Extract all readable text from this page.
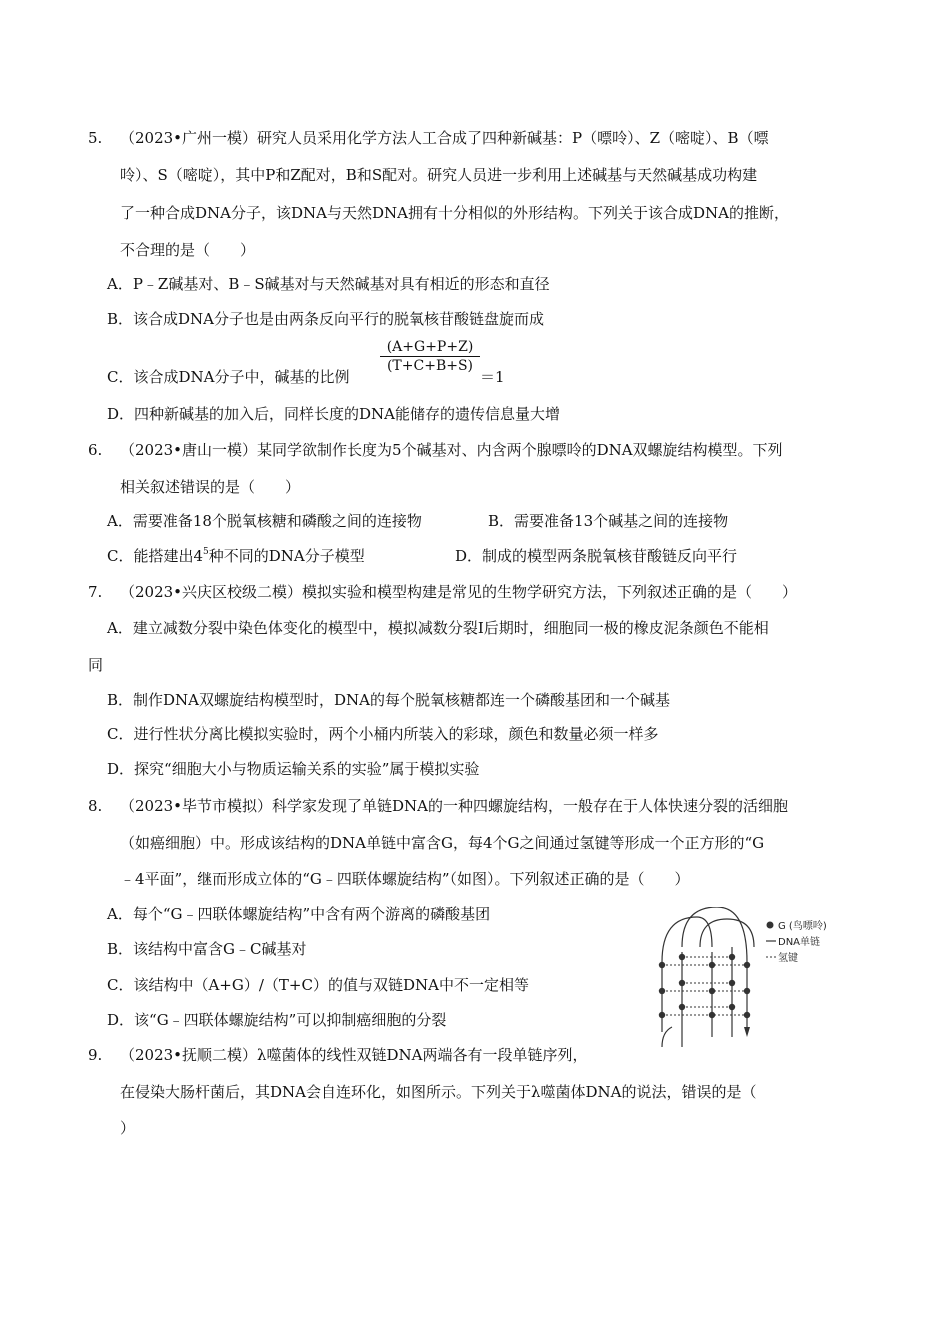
5. （2023•广州一模）研究人员采用化学方法人工合成了四种新碱基：P（嘌呤）、Z（嘧啶）、B（嘌
呤）、S（嘧啶），其中P和Z配对，B和S配对。研究人员进一步利用上述碱基与天然碱基成功构建
了一种合成DNA分子，该DNA与天然DNA拥有十分相似的外形结构。下列关于该合成DNA的推断，
不合理的是（　　）
A．P﹣Z碱基对、B﹣S碱基对与天然碱基对具有相近的形态和直径
B．该合成DNA分子也是由两条反向平行的脱氧核苷酸链盘旋而成
C．该合成DNA分子中，碱基的比例
(A+G+P+Z)
(T+C+B+S)
＝1
D．四种新碱基的加入后，同样长度的DNA能储存的遗传信息量大增
6. （2023•唐山一模）某同学欲制作长度为5个碱基对、内含两个腺嘌呤的DNA双螺旋结构模型。下列
相关叙述错误的是（　　）
A．需要准备18个脱氧核糖和磷酸之间的连接物	B．需要准备13个碱基之间的连接物
C．能搭建出$4^5$种不同的DNA分子模型	D．制成的模型两条脱氧核苷酸链反向平行
7. （2023•兴庆区校级二模）模拟实验和模型构建是常见的生物学研究方法，下列叙述正确的是（　　）
A．建立减数分裂中染色体变化的模型中，模拟减数分裂Ⅰ后期时，细胞同一极的橡皮泥条颜色不能相
同
B．制作DNA双螺旋结构模型时，DNA的每个脱氧核糖都连一个磷酸基团和一个碱基
C．进行性状分离比模拟实验时，两个小桶内所装入的彩球，颜色和数量必须一样多
D．探究“细胞大小与物质运输关系的实验”属于模拟实验
8. （2023•毕节市模拟）科学家发现了单链DNA的一种四螺旋结构，一般存在于人体快速分裂的活细胞
（如癌细胞）中。形成该结构的DNA单链中富含G，每4个G之间通过氢键等形成一个正方形的“G
﹣4平面”，继而形成立体的“G﹣四联体螺旋结构”（如图）。下列叙述正确的是（　　）
A．每个“G﹣四联体螺旋结构”中含有两个游离的磷酸基团
B．该结构中富含G﹣C碱基对
C．该结构中（A+G）/（T+C）的值与双链DNA中不一定相等
D．该“G﹣四联体螺旋结构”可以抑制癌细胞的分裂
G (鸟嘌呤)
DNA单链
氢键
9. （2023•抚顺二模）λ噬菌体的线性双链DNA两端各有一段单链序列，
在侵染大肠杆菌后，其DNA会自连环化，如图所示。下列关于λ噬菌体DNA的说法，错误的是（
）
